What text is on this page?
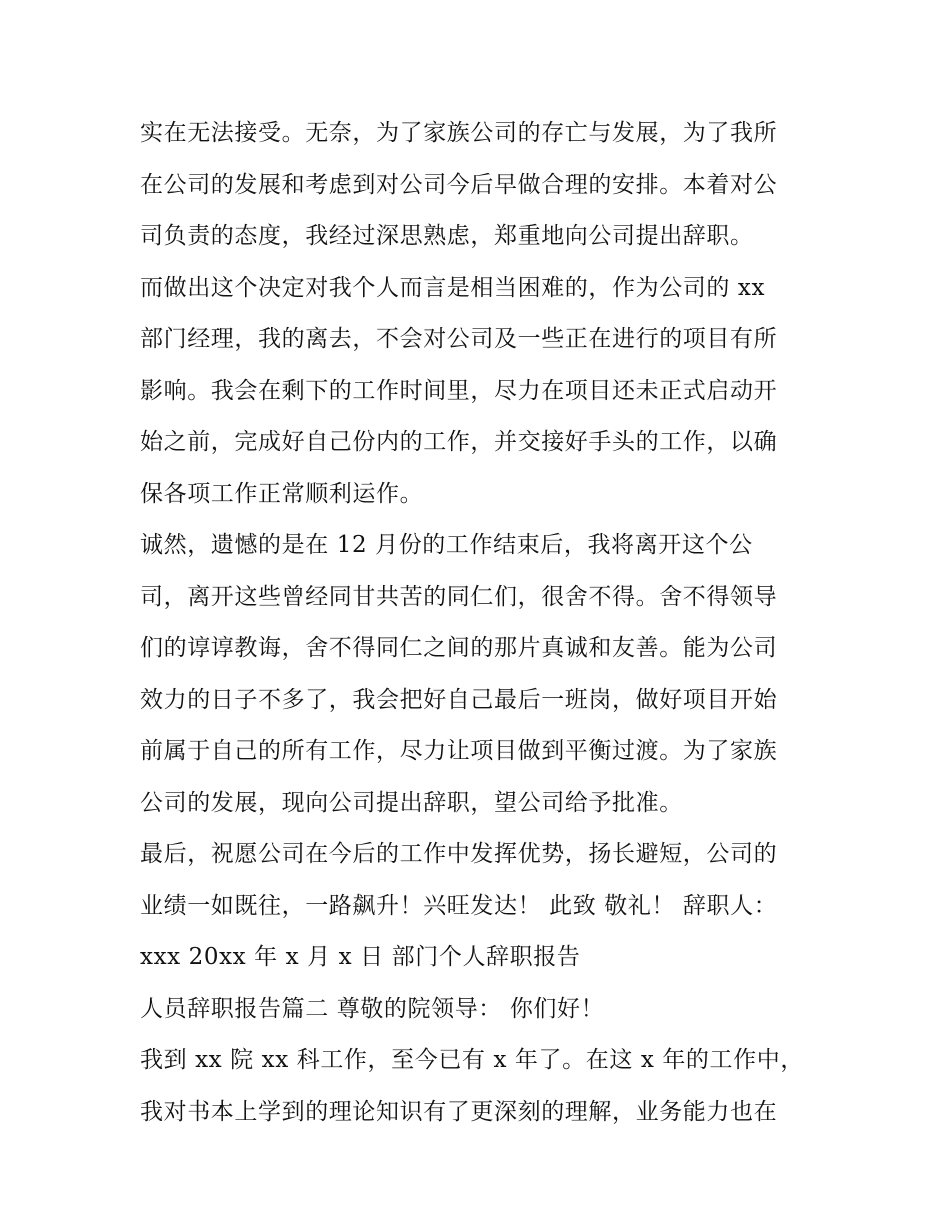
实在无法接受。无奈，为了家族公司的存亡与发展，为了我所

在公司的发展和考虑到对公司今后早做合理的安排。本着对公

司负责的态度，我经过深思熟虑，郑重地向公司提出辞职。

而做出这个决定对我个人而言是相当困难的，作为公司的 xx

部门经理，我的离去，不会对公司及一些正在进行的项目有所

影响。我会在剩下的工作时间里，尽力在项目还未正式启动开

始之前，完成好自己份内的工作，并交接好手头的工作，以确

保各项工作正常顺利运作。

诚然，遗憾的是在 12 月份的工作结束后，我将离开这个公

司，离开这些曾经同甘共苦的同仁们，很舍不得。舍不得领导

们的谆谆教诲，舍不得同仁之间的那片真诚和友善。能为公司

效力的日子不多了，我会把好自己最后一班岗，做好项目开始

前属于自己的所有工作，尽力让项目做到平衡过渡。为了家族

公司的发展，现向公司提出辞职，望公司给予批准。

最后，祝愿公司在今后的工作中发挥优势，扬长避短，公司的

业绩一如既往，一路飙升！兴旺发达！ 此致 敬礼！ 辞职人：

xxx 20xx 年 x 月 x 日 部门个人辞职报告

人员辞职报告篇二 尊敬的院领导： 你们好！

我到 xx 院 xx 科工作，至今已有 x 年了。在这 x 年的工作中，

我对书本上学到的理论知识有了更深刻的理解，业务能力也在
